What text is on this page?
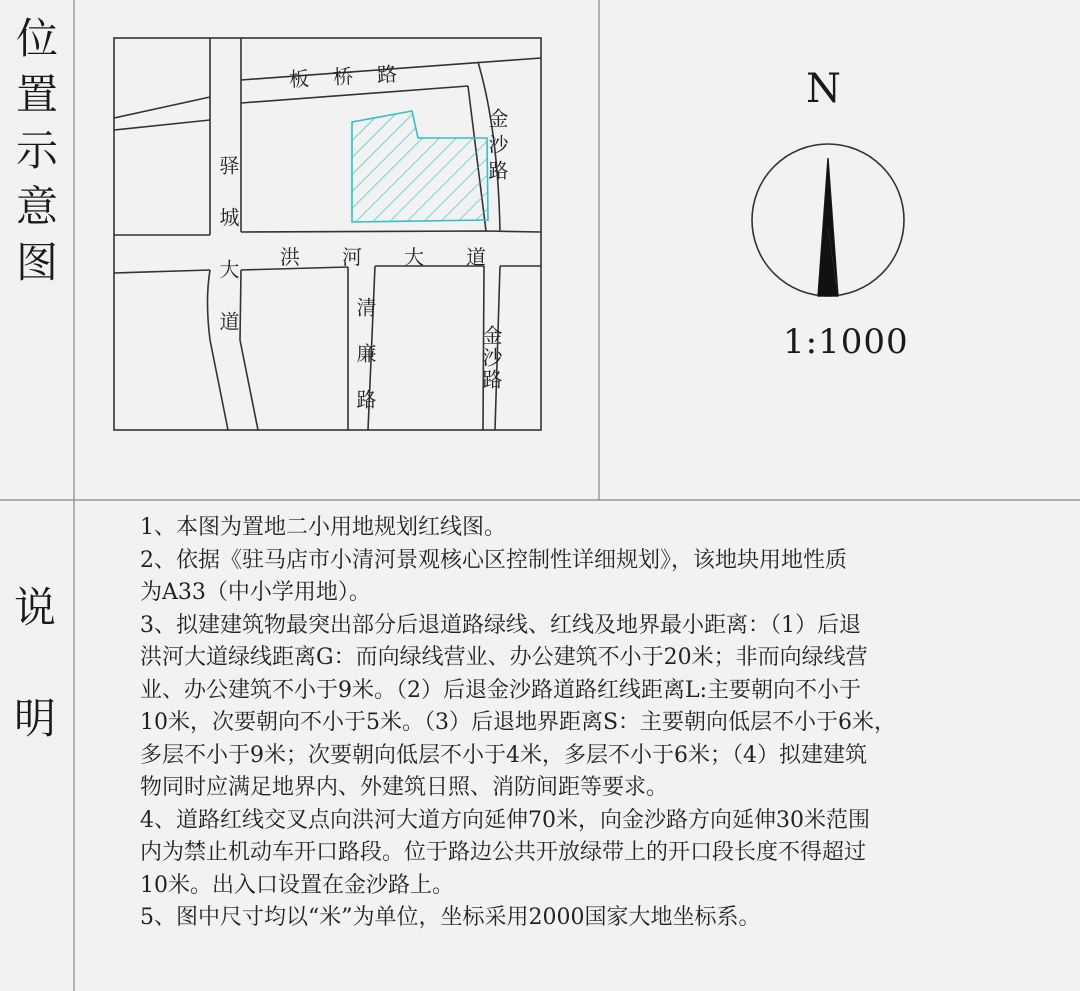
位置示意图
说
明
板桥路
驿城大道
金沙路
洪河大道
清廉路	金沙路
N
1:1000
1、本图为置地二小用地规划红线图。
2、依据《驻马店市小清河景观核心区控制性详细规划》，该地块用地性质
为A33（中小学用地）。
3、拟建建筑物最突出部分后退道路绿线、红线及地界最小距离：（1）后退
洪河大道绿线距离G：而向绿线营业、办公建筑不小于20米；非而向绿线营
业、办公建筑不小于9米。（2）后退金沙路道路红线距离L:主要朝向不小于
10米，次要朝向不小于5米。（3）后退地界距离S：主要朝向低层不小于6米，
多层不小于9米；次要朝向低层不小于4米，多层不小于6米；（4）拟建建筑
物同时应满足地界内、外建筑日照、消防间距等要求。
4、道路红线交叉点向洪河大道方向延伸70米，向金沙路方向延伸30米范围
内为禁止机动车开口路段。位于路边公共开放绿带上的开口段长度不得超过
10米。出入口设置在金沙路上。
5、图中尺寸均以“米”为单位，坐标采用2000国家大地坐标系。
